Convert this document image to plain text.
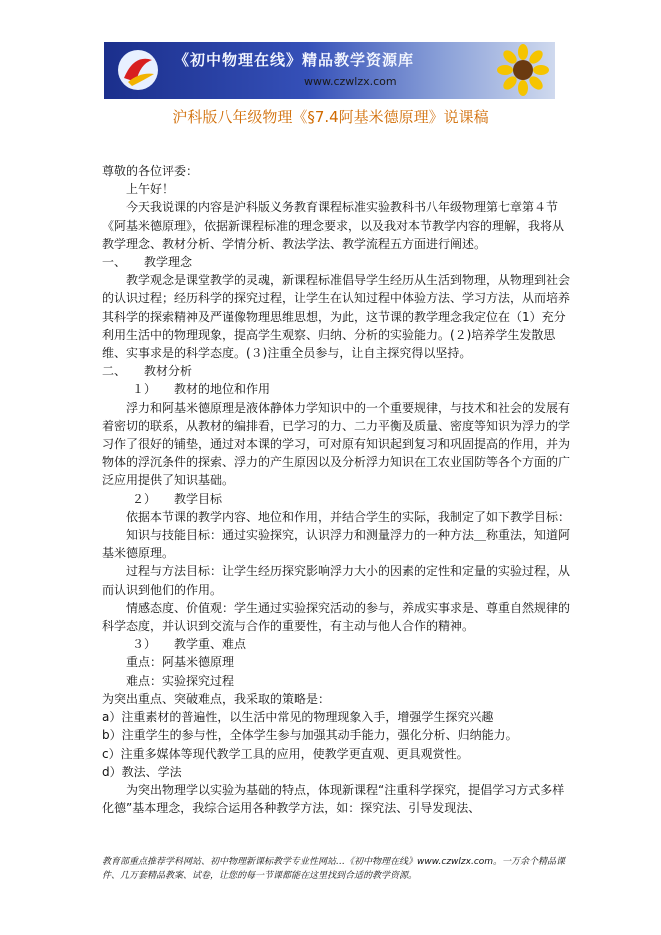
《初中物理在线》精品教学资源库
www.czwlzx.com
沪科版八年级物理《§7.4阿基米德原理》说课稿

尊敬的各位评委：

上午好！

今天我说课的内容是沪科版义务教育课程标准实验教科书八年级物理第七章第４节《阿基米德原理》，依据新课程标准的理念要求，以及我对本节教学内容的理解，我将从教学理念、教材分析、学情分析、教法学法、教学流程五方面进行阐述。

一、　　教学理念

教学观念是课堂教学的灵魂，新课程标准倡导学生经历从生活到物理，从物理到社会的认识过程；经历科学的探究过程，让学生在认知过程中体验方法、学习方法，从而培养其科学的探索精神及严谨像物理思维思想，为此，这节课的教学理念我定位在（1）充分利用生活中的物理现象，提高学生观察、归纳、分析的实验能力。(２)培养学生发散思维、实事求是的科学态度。(３)注重全员参与，让自主探究得以坚持。

二、　　教材分析

１）　　教材的地位和作用

浮力和阿基米德原理是液体静体力学知识中的一个重要规律，与技术和社会的发展有着密切的联系，从教材的编排看，已学习的力、二力平衡及质量、密度等知识为浮力的学习作了很好的铺垫，通过对本课的学习，可对原有知识起到复习和巩固提高的作用，并为物体的浮沉条件的探索、浮力的产生原因以及分析浮力知识在工农业国防等各个方面的广泛应用提供了知识基础。

２）　　教学目标

依据本节课的教学内容、地位和作用，并结合学生的实际，我制定了如下教学目标：

知识与技能目标：通过实验探究，认识浮力和测量浮力的一种方法＿称重法，知道阿基米德原理。

过程与方法目标：让学生经历探究影响浮力大小的因素的定性和定量的实验过程，从而认识到他们的作用。

情感态度、价值观：学生通过实验探究活动的参与，养成实事求是、尊重自然规律的科学态度，并认识到交流与合作的重要性，有主动与他人合作的精神。

３）　　教学重、难点

重点：阿基米德原理

难点：实验探究过程

为突出重点、突破难点，我采取的策略是：

a）注重素材的普遍性，以生活中常见的物理现象入手，增强学生探究兴趣

b）注重学生的参与性，全体学生参与加强其动手能力，强化分析、归纳能力。

c）注重多媒体等现代教学工具的应用，使教学更直观、更具观赏性。

d）教法、学法

为突出物理学以实验为基础的特点，体现新课程“注重科学探究，提倡学习方式多样化德”基本理念，我综合运用各种教学方法，如：探究法、引导发现法、

教育部重点推荐学科网站、初中物理新课标教学专业性网站…《初中物理在线》www.czwlzx.com。一万余个精品课件、几万套精品教案、试卷，让您的每一节课都能在这里找到合适的教学资源。
